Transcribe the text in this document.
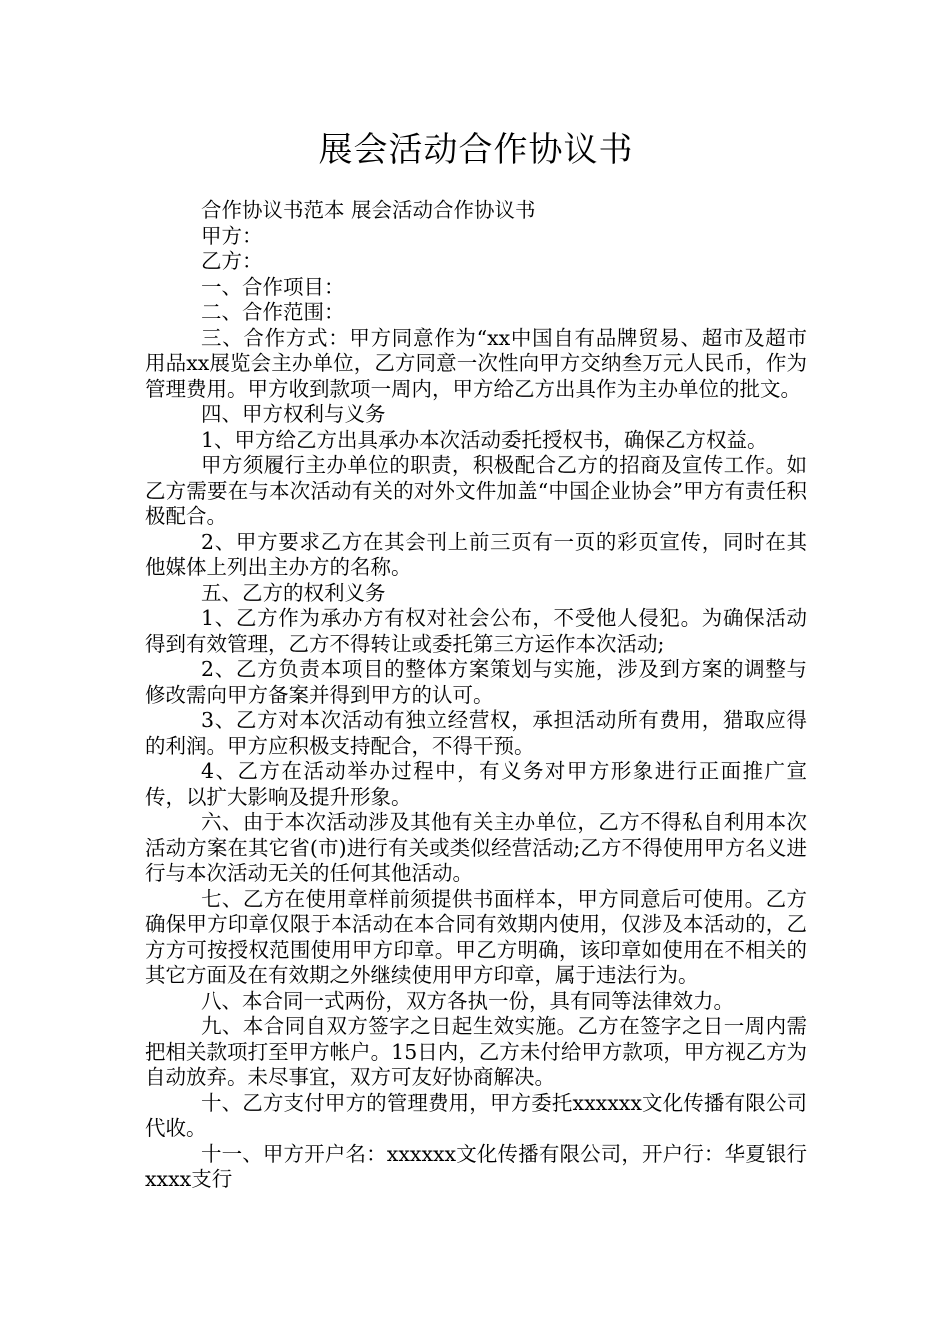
展会活动合作协议书

合作协议书范本 展会活动合作协议书

甲方：

乙方：

一、合作项目：

二、合作范围：

三、合作方式：甲方同意作为“xx中国自有品牌贸易、超市及超市用品xx展览会主办单位，乙方同意一次性向甲方交纳叁万元人民币，作为管理费用。甲方收到款项一周内，甲方给乙方出具作为主办单位的批文。

四、甲方权利与义务

1、甲方给乙方出具承办本次活动委托授权书，确保乙方权益。

甲方须履行主办单位的职责，积极配合乙方的招商及宣传工作。如乙方需要在与本次活动有关的对外文件加盖“中国企业协会”甲方有责任积极配合。

2、甲方要求乙方在其会刊上前三页有一页的彩页宣传，同时在其他媒体上列出主办方的名称。

五、乙方的权利义务

1、乙方作为承办方有权对社会公布，不受他人侵犯。为确保活动得到有效管理，乙方不得转让或委托第三方运作本次活动;

2、乙方负责本项目的整体方案策划与实施，涉及到方案的调整与修改需向甲方备案并得到甲方的认可。

3、乙方对本次活动有独立经营权，承担活动所有费用，猎取应得的利润。甲方应积极支持配合，不得干预。

4、乙方在活动举办过程中，有义务对甲方形象进行正面推广宣传，以扩大影响及提升形象。

六、由于本次活动涉及其他有关主办单位，乙方不得私自利用本次活动方案在其它省(市)进行有关或类似经营活动;乙方不得使用甲方名义进行与本次活动无关的任何其他活动。

七、乙方在使用章样前须提供书面样本，甲方同意后可使用。乙方确保甲方印章仅限于本活动在本合同有效期内使用，仅涉及本活动的，乙方方可按授权范围使用甲方印章。甲乙方明确，该印章如使用在不相关的其它方面及在有效期之外继续使用甲方印章，属于违法行为。

八、本合同一式两份，双方各执一份，具有同等法律效力。

九、本合同自双方签字之日起生效实施。乙方在签字之日一周内需把相关款项打至甲方帐户。15日内，乙方未付给甲方款项，甲方视乙方为自动放弃。未尽事宜，双方可友好协商解决。

十、乙方支付甲方的管理费用，甲方委托xxxxxx文化传播有限公司代收。

十一、甲方开户名：xxxxxx文化传播有限公司，开户行：华夏银行xxxx支行
